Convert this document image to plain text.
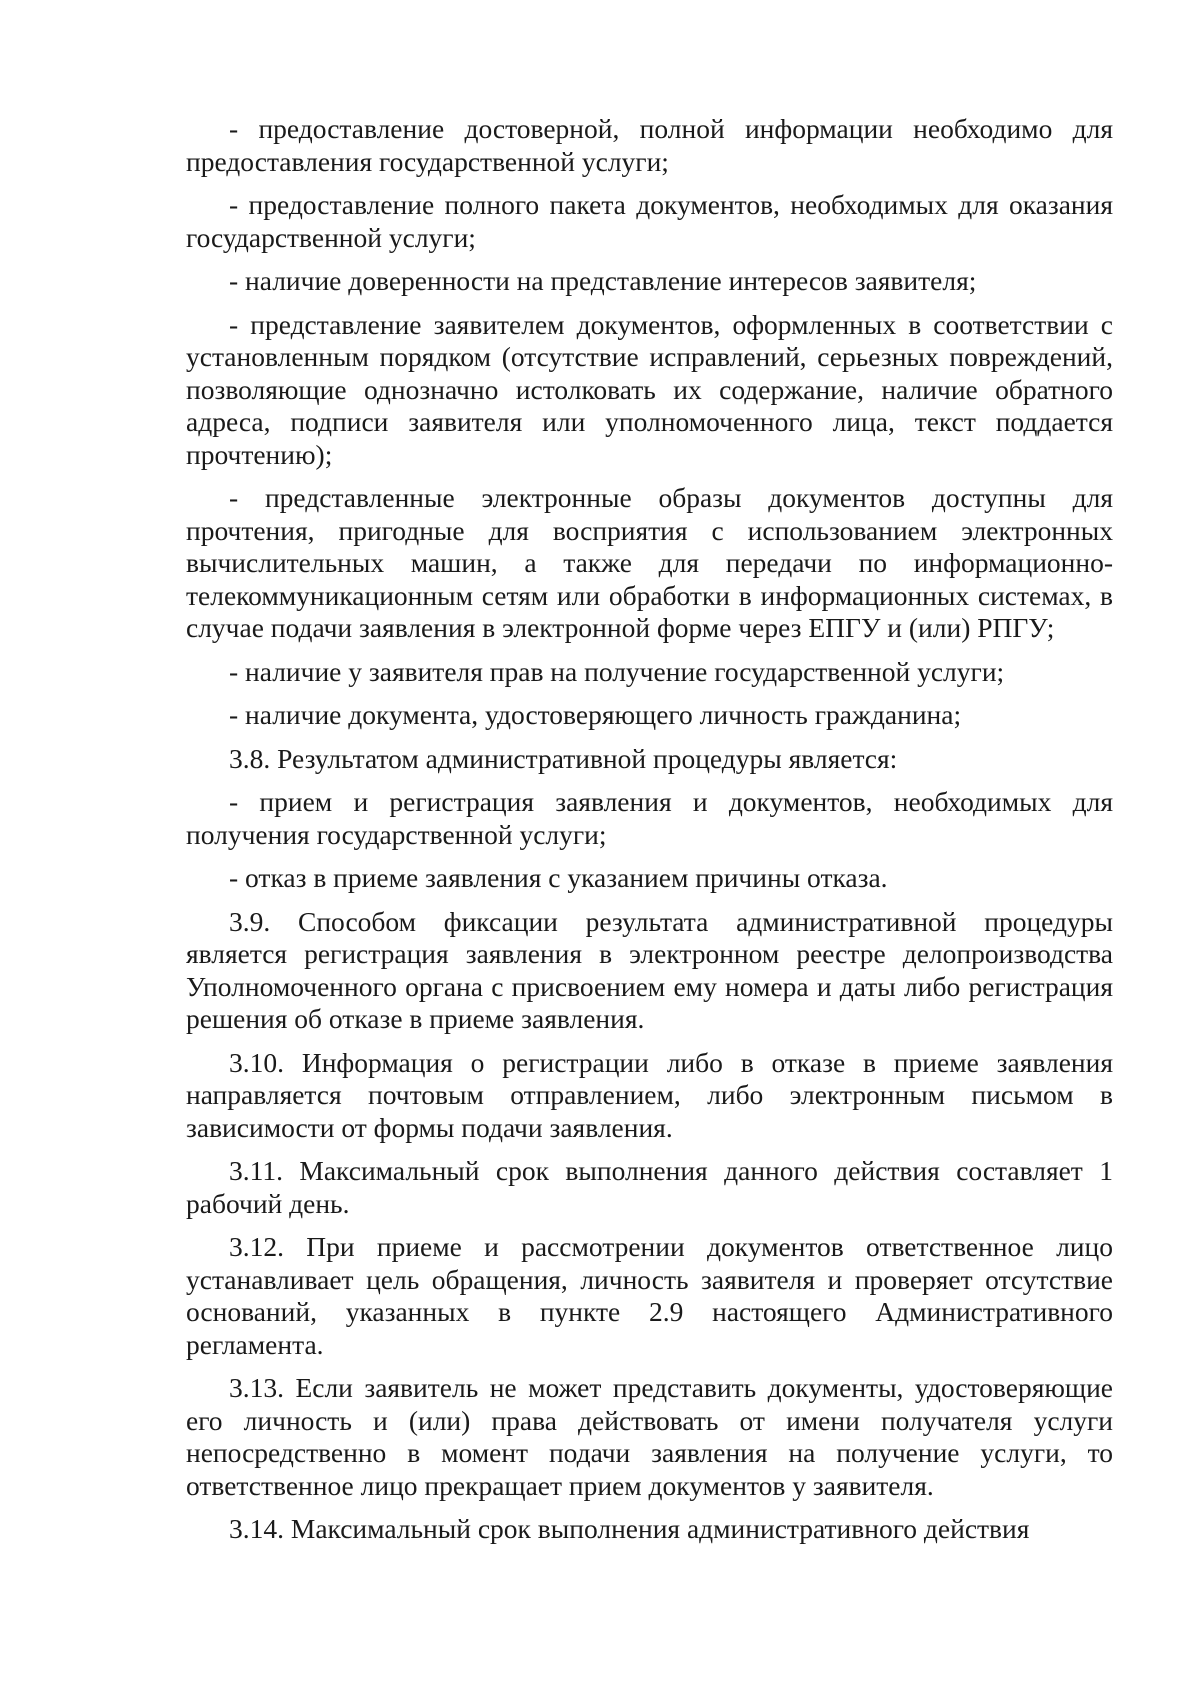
- предоставление достоверной, полной информации необходимо для предоставления государственной услуги;

- предоставление полного пакета документов, необходимых для оказания государственной услуги;

- наличие доверенности на представление интересов заявителя;

- представление заявителем документов, оформленных в соответствии с установленным порядком (отсутствие исправлений, серьезных повреждений, позволяющие однозначно истолковать их содержание, наличие обратного адреса, подписи заявителя или уполномоченного лица, текст поддается прочтению);

- представленные электронные образы документов доступны для прочтения, пригодные для восприятия с использованием электронных вычислительных машин, а также для передачи по информационно-телекоммуникационным сетям или обработки в информационных системах, в случае подачи заявления в электронной форме через ЕПГУ и (или) РПГУ;

- наличие у заявителя прав на получение государственной услуги;

- наличие документа, удостоверяющего личность гражданина;

3.8. Результатом административной процедуры является:

- прием и регистрация заявления и документов, необходимых для получения государственной услуги;

- отказ в приеме заявления с указанием причины отказа.

3.9. Способом фиксации результата административной процедуры является регистрация заявления в электронном реестре делопроизводства Уполномоченного органа с присвоением ему номера и даты либо регистрация решения об отказе в приеме заявления.

3.10. Информация о регистрации либо в отказе в приеме заявления направляется почтовым отправлением, либо электронным письмом в зависимости от формы подачи заявления.

3.11. Максимальный срок выполнения данного действия составляет 1 рабочий день.

3.12. При приеме и рассмотрении документов ответственное лицо устанавливает цель обращения, личность заявителя и проверяет отсутствие оснований, указанных в пункте 2.9 настоящего Административного регламента.

3.13. Если заявитель не может представить документы, удостоверяющие его личность и (или) права действовать от имени получателя услуги непосредственно в момент подачи заявления на получение услуги, то ответственное лицо прекращает прием документов у заявителя.

3.14. Максимальный срок выполнения административного действия
